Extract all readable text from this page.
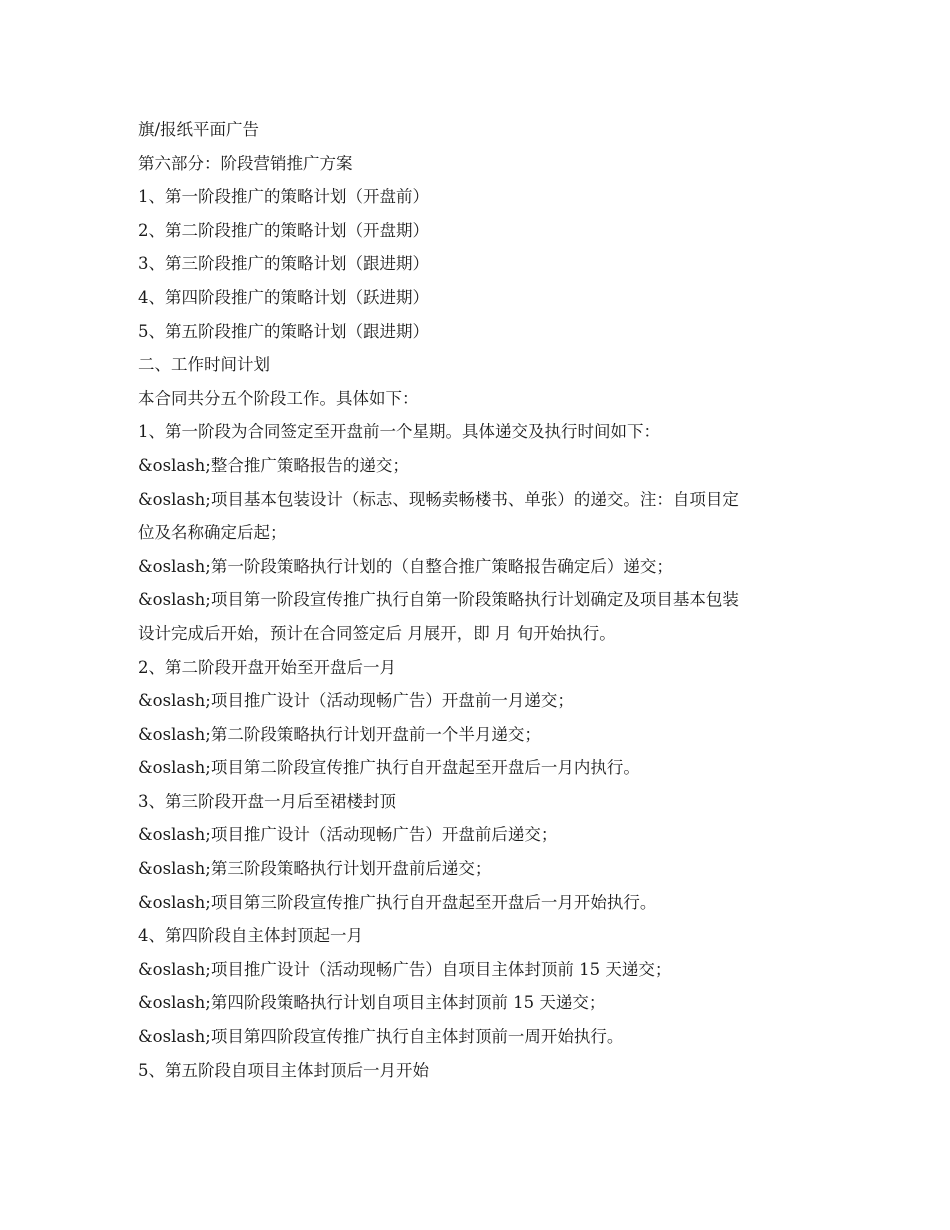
旗/报纸平面广告

第六部分：阶段营销推广方案

1、第一阶段推广的策略计划（开盘前）

2、第二阶段推广的策略计划（开盘期）

3、第三阶段推广的策略计划（跟进期）

4、第四阶段推广的策略计划（跃进期）

5、第五阶段推广的策略计划（跟进期）

二、工作时间计划

本合同共分五个阶段工作。具体如下：

1、第一阶段为合同签定至开盘前一个星期。具体递交及执行时间如下：

&oslash;整合推广策略报告的递交；

&oslash;项目基本包装设计（标志、现畅卖畅楼书、单张）的递交。注：自项目定

位及名称确定后起；

&oslash;第一阶段策略执行计划的（自整合推广策略报告确定后）递交；

&oslash;项目第一阶段宣传推广执行自第一阶段策略执行计划确定及项目基本包装

设计完成后开始，预计在合同签定后 月展开，即 月 旬开始执行。

2、第二阶段开盘开始至开盘后一月

&oslash;项目推广设计（活动现畅广告）开盘前一月递交；

&oslash;第二阶段策略执行计划开盘前一个半月递交；

&oslash;项目第二阶段宣传推广执行自开盘起至开盘后一月内执行。

3、第三阶段开盘一月后至裙楼封顶

&oslash;项目推广设计（活动现畅广告）开盘前后递交；

&oslash;第三阶段策略执行计划开盘前后递交；

&oslash;项目第三阶段宣传推广执行自开盘起至开盘后一月开始执行。

4、第四阶段自主体封顶起一月

&oslash;项目推广设计（活动现畅广告）自项目主体封顶前 15 天递交；

&oslash;第四阶段策略执行计划自项目主体封顶前 15 天递交；

&oslash;项目第四阶段宣传推广执行自主体封顶前一周开始执行。

5、第五阶段自项目主体封顶后一月开始
